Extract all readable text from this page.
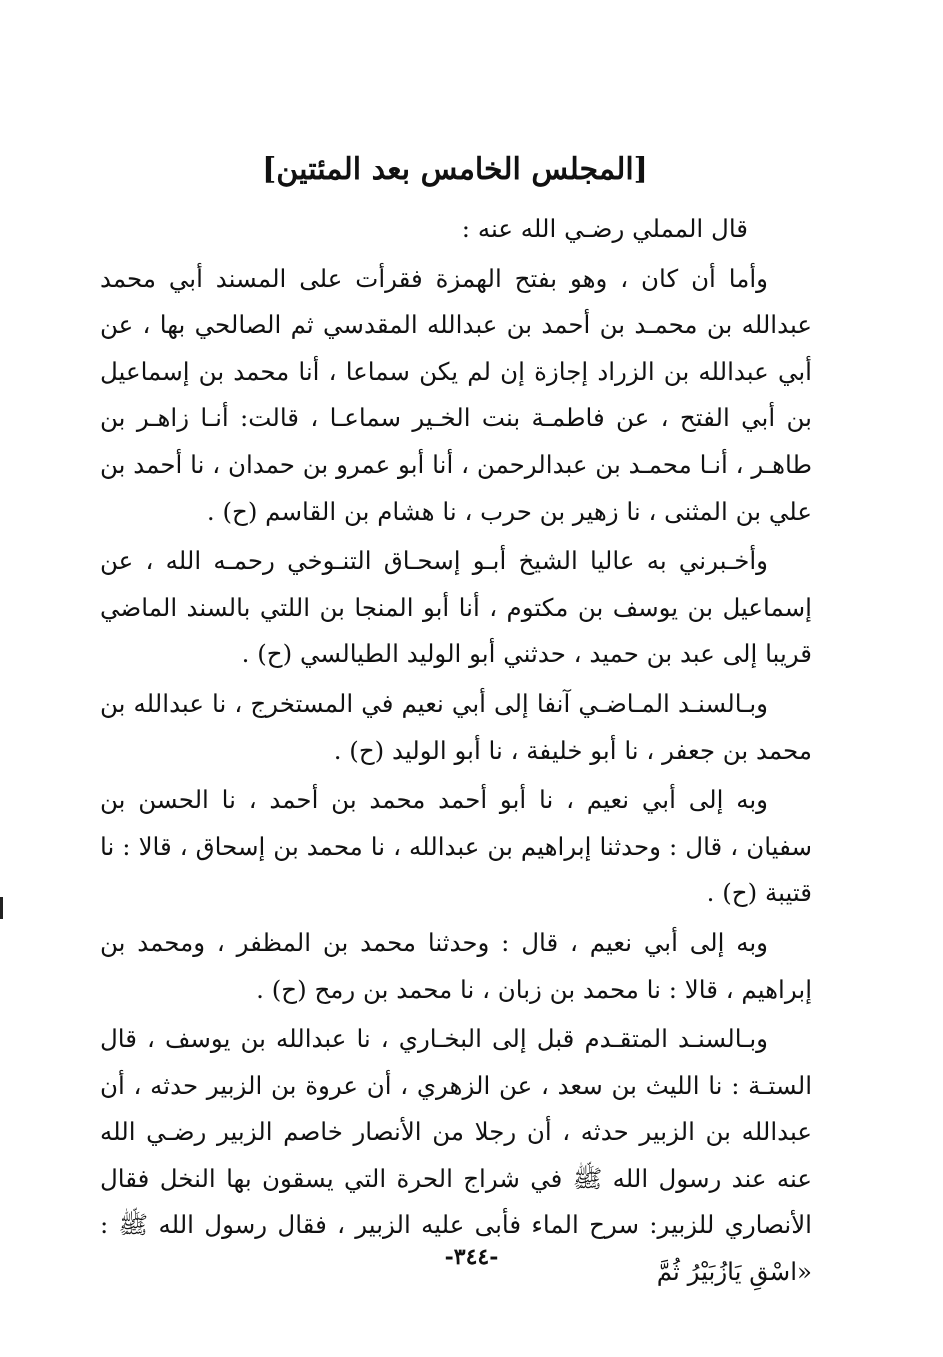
[المجلس الخامس بعد المئتين]

قال المملي رضـي الله عنه :

وأما أن كان ، وهو بفتح الهمزة فقرأت على المسند أبي محمد عبدالله بن محمـد بن أحمد بن عبدالله المقدسي ثم الصالحي بها ، عن أبي عبدالله بن الزراد إجازة إن لم يكن سماعا ، أنا محمد بن إسماعيل بن أبي الفتح ، عن فاطمـة بنت الخـير سماعـا ، قالت: أنـا زاهـر بن طاهـر ، أنـا محمـد بن عبدالرحمن ، أنا أبو عمرو بن حمدان ، نا أحمد بن علي بن المثنى ، نا زهير بن حرب ، نا هشام بن القاسم (ح) .

وأخـبرني به عاليا الشيخ أبـو إسحـاق التنـوخي رحمـه الله ، عن إسماعيل بن يوسف بن مكتوم ، أنا أبو المنجا بن اللتي بالسند الماضي قريبا إلى عبد بن حميد ، حدثني أبو الوليد الطيالسي (ح) .

وبـالسنـد المـاضـي آنفا إلى أبي نعيم في المستخرج ، نا عبدالله بن محمد بن جعفر ، نا أبو خليفة ، نا أبو الوليد (ح) .

وبه إلى أبي نعيم ، نا أبو أحمد محمد بن أحمد ، نا الحسن بن سفيان ، قال : وحدثنا إبراهيم بن عبدالله ، نا محمد بن إسحاق ، قالا : نا قتيبة (ح) .

وبه إلى أبي نعيم ، قال : وحدثنا محمد بن المظفر ، ومحمد بن إبراهيم ، قالا : نا محمد بن زبان ، نا محمد بن رمح (ح) .

وبـالسنـد المتقـدم قبل إلى البخـاري ، نا عبدالله بن يوسف ، قال الستـة : نا الليث بن سعد ، عن الزهري ، أن عروة بن الزبير حدثه ، أن عبدالله بن الزبير حدثه ، أن رجلا من الأنصار خاصم الزبير رضـي الله عنه عند رسول الله ﷺ في شراج الحرة التي يسقون بها النخل فقال الأنصاري للزبير: سرح الماء فأبى عليه الزبير ، فقال رسول الله ﷺ : «اسْقِ يَازُبَيْرُ ثُمَّ

-٣٤٤-
